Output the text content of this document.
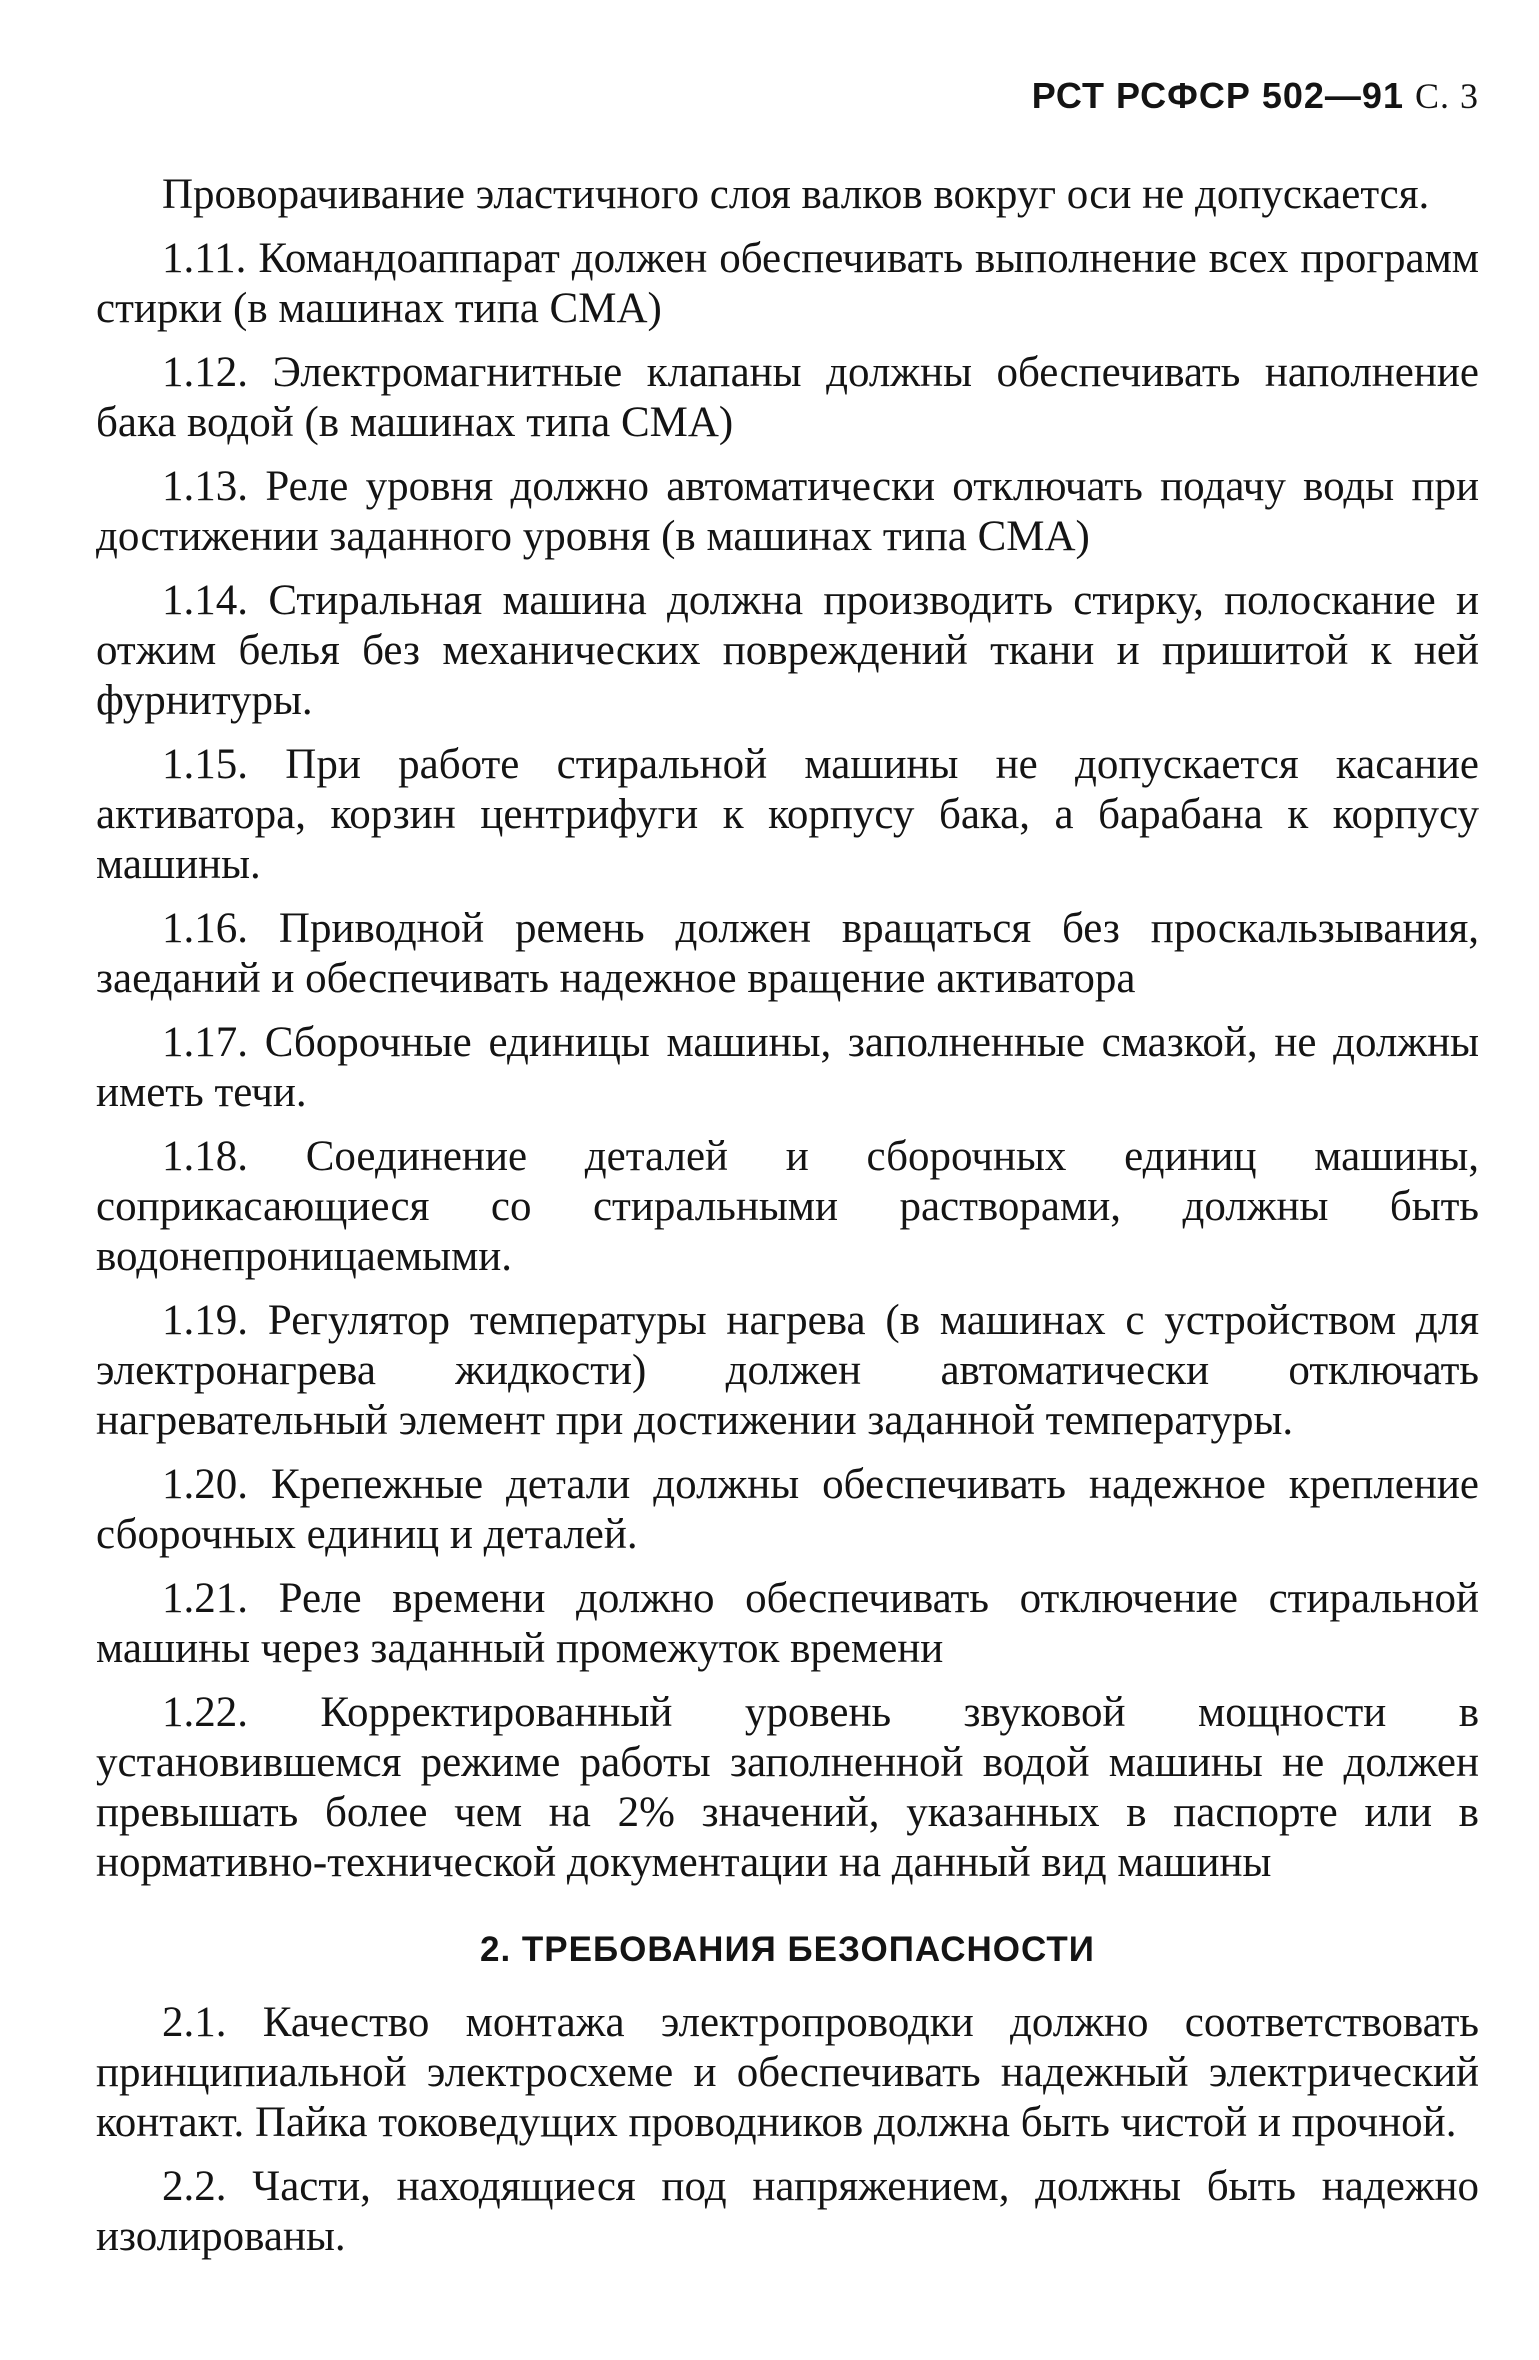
РСТ РСФСР 502—91 С. 3

Проворачивание эластичного слоя валков вокруг оси не допускается.

1.11. Командоаппарат должен обеспечивать выполнение всех программ стирки (в машинах типа СМА)

1.12. Электромагнитные клапаны должны обеспечивать наполнение бака водой (в машинах типа СМА)

1.13. Реле уровня должно автоматически отключать подачу воды при достижении заданного уровня (в машинах типа СМА)

1.14. Стиральная машина должна производить стирку, полоскание и отжим белья без механических повреждений ткани и пришитой к ней фурнитуры.

1.15. При работе стиральной машины не допускается касание активатора, корзин центрифуги к корпусу бака, а барабана к корпусу машины.

1.16. Приводной ремень должен вращаться без проскальзывания, заеданий и обеспечивать надежное вращение активатора

1.17. Сборочные единицы машины, заполненные смазкой, не должны иметь течи.

1.18. Соединение деталей и сборочных единиц машины, соприкасающиеся со стиральными растворами, должны быть водонепроницаемыми.

1.19. Регулятор температуры нагрева (в машинах с устройством для электронагрева жидкости) должен автоматически отключать нагревательный элемент при достижении заданной температуры.

1.20. Крепежные детали должны обеспечивать надежное крепление сборочных единиц и деталей.

1.21. Реле времени должно обеспечивать отключение стиральной машины через заданный промежуток времени

1.22. Корректированный уровень звуковой мощности в установившемся режиме работы заполненной водой машины не должен превышать более чем на 2% значений, указанных в паспорте или в нормативно-технической документации на данный вид машины

2. ТРЕБОВАНИЯ БЕЗОПАСНОСТИ

2.1. Качество монтажа электропроводки должно соответствовать принципиальной электросхеме и обеспечивать надежный электрический контакт. Пайка токоведущих проводников должна быть чистой и прочной.

2.2. Части, находящиеся под напряжением, должны быть надежно изолированы.
